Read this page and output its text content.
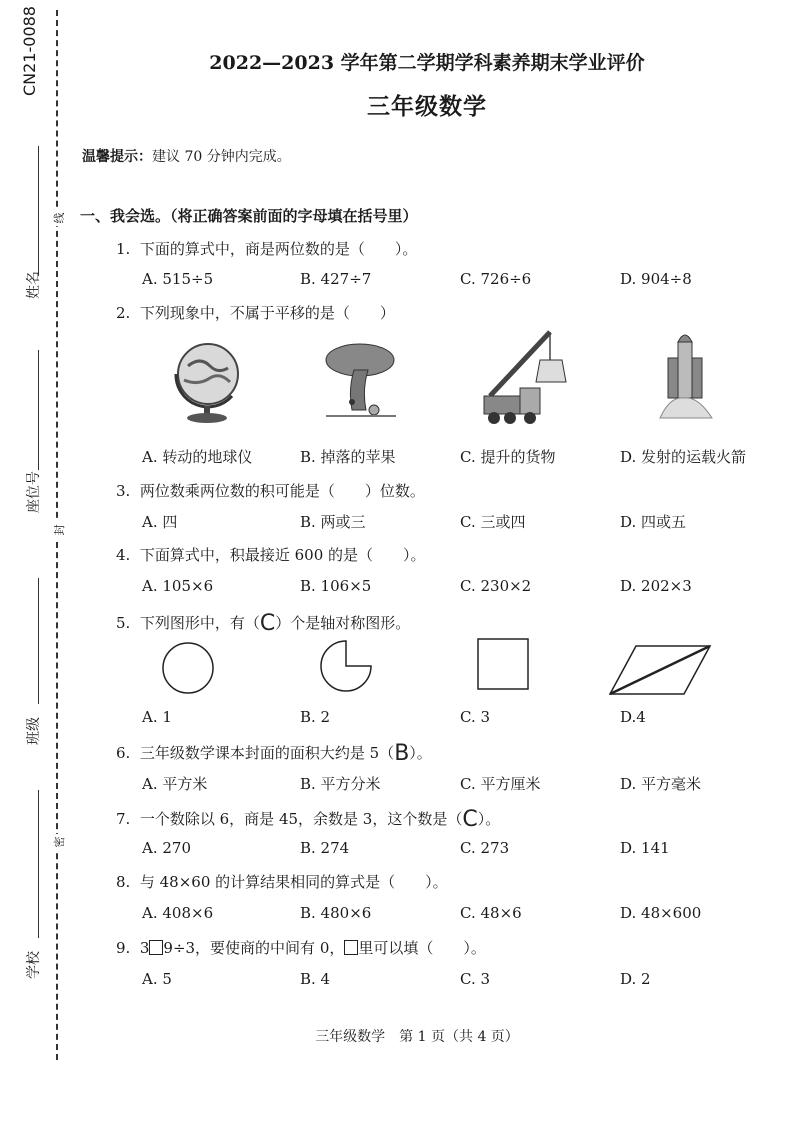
CN21-0088
姓名
座位号
班级
学校
线
封
密
2022—2023 学年第二学期学科素养期末学业评价
三年级数学
温馨提示：建议 70 分钟内完成。
一、我会选。（将正确答案前面的字母填在括号里）
1. 下面的算式中，商是两位数的是（　　）。
A. 515÷5	B. 427÷7	C. 726÷6	D. 904÷8
2. 下列现象中，不属于平移的是（　　）
A. 转动的地球仪	B. 掉落的苹果	C. 提升的货物	D. 发射的运载火箭
3. 两位数乘两位数的积可能是（　　）位数。
A. 四	B. 两或三	C. 三或四	D. 四或五
4. 下面算式中，积最接近 600 的是（　　）。
A. 105×6	B. 106×5	C. 230×2	D. 202×3
5. 下列图形中，有（C）个是轴对称图形。
A. 1	B. 2	C. 3	D.4
6. 三年级数学课本封面的面积大约是 5（B）。
A. 平方米	B. 平方分米	C. 平方厘米	D. 平方毫米
7. 一个数除以 6，商是 45，余数是 3，这个数是（C）。
A. 270	B. 274	C. 273	D. 141
8. 与 48×60 的计算结果相同的算式是（　　）。
A. 408×6	B. 480×6	C. 48×6	D. 48×600
9. 3 9÷3，要使商的中间有 0， 里可以填（　　）。
A. 5	B. 4	C. 3	D. 2
三年级数学　第 1 页（共 4 页）
